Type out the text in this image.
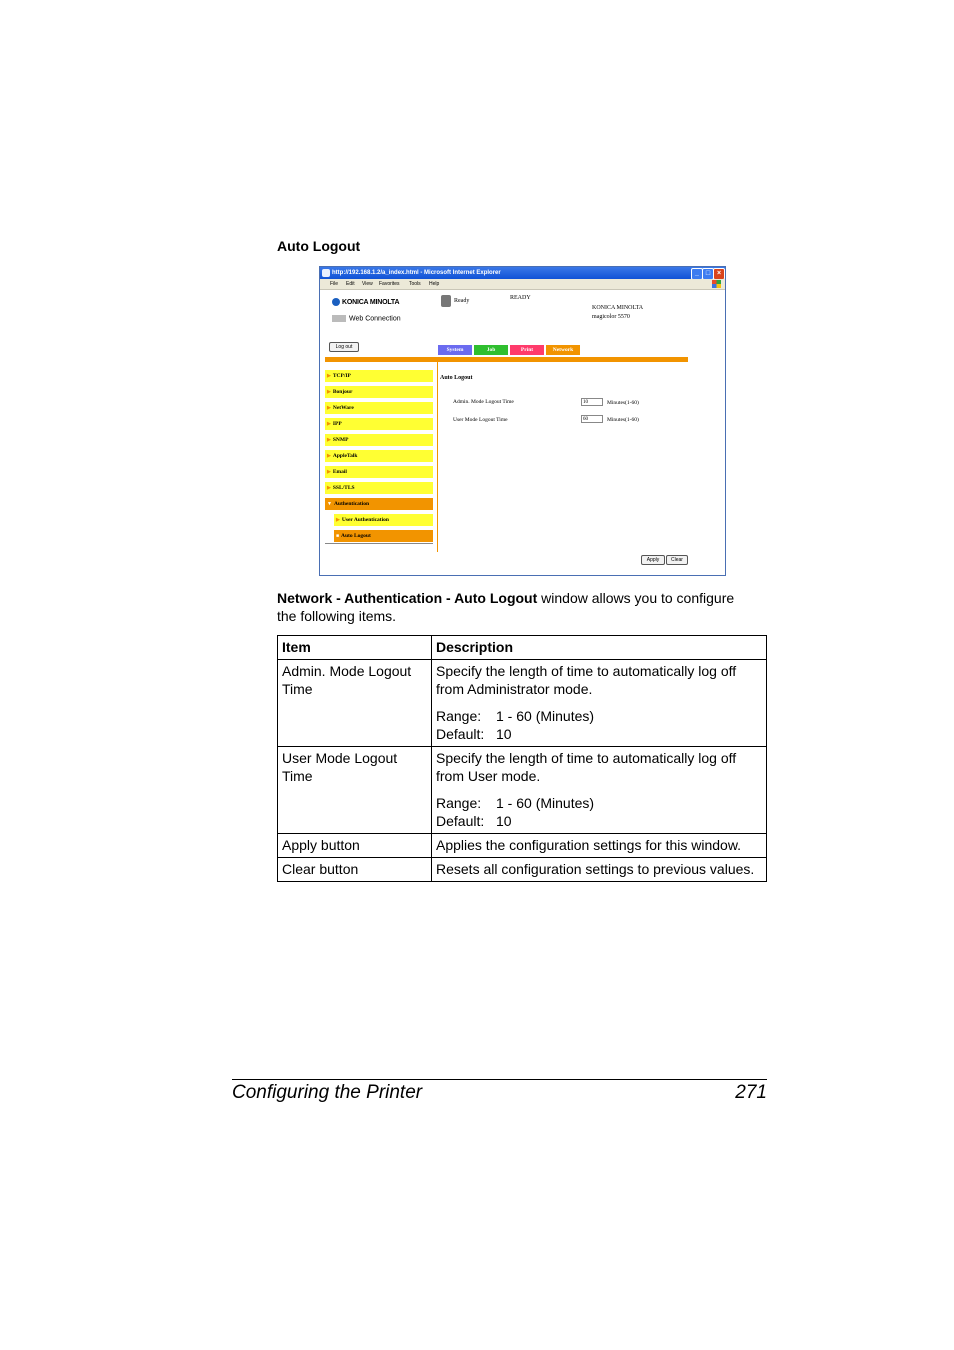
Auto Logout
http://192.168.1.2/a_index.html - Microsoft Internet Explorer	_ □ ×
File Edit View Favorites Tools Help
KONICA MINOLTA
Web Connection
Ready	READY
KONICA MINOLTA
magicolor 5570
Log out	System	Job	Print	Network
▶ TCP/IP
▶ Bonjour
▶ NetWare
▶ IPP
▶ SNMP
▶ AppleTalk
▶ Email
▶ SSL/TLS
▼ Authentication
▶ User Authentication
■ Auto Logout
Auto Logout
Admin. Mode Logout Time	10	Minutes(1-60)
User Mode Logout Time	60	Minutes(1-60)
Apply	Clear
Network - Authentication - Auto Logout window allows you to configure the following items.
Item	Description
Admin. Mode Logout Time	Specify the length of time to automatically log off from Administrator mode.
Range: 1 - 60 (Minutes)
Default: 10

User Mode Logout Time	Specify the length of time to automatically log off from User mode.
Range: 1 - 60 (Minutes)
Default: 10

Apply button	Applies the configuration settings for this window.
Clear button	Resets all configuration settings to previous values.
Configuring the Printer	271
